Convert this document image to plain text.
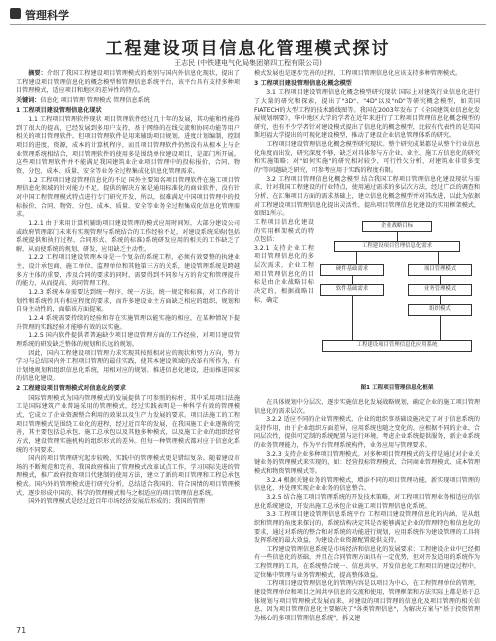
管理科学
工程建设项目信息化管理模式探讨
王志民 (中铁建电气化局集团第四工程有限公司)

摘要：介绍了我国工程建设项目管理模式的类别与国内外信息化现状，提出了工程建设项目管理信息化的概念模型和管理信息系统平台，该平台具有支持多种项目管理模式，适应项目和地区的差异性的特点。

关键词：信息化 项目管理 管理模式 管理信息系统

1 工程项目建设管理信息化现状

1.1 工程项目管理软件现状 项目管理软件经过几十年的发展，其功能和性能得到了很大的提高，已经发展到多用户支持，基于网络的在线交流和协同功能等用户相关的项目管理软件。但项目管理软件是用来辅助项目规划，进度计划编制，控制项目的进度，资源，成本的计算机程序，而且项目管理软件仍然没有从根本上与企业管理系统相结合，项目管理软件的使用多是围绕单位建设项目，是部门所开展。这些项目管理软件并不能满足我国建筑业企业项目管理中的投标报价、合同、物资、分包、成本、质量、安全等业务全过程集成化信息化管理需求。

1.2 工程项目建设管理信息化的不足 国外主要知名项目管理软件在施工项目管理信息化领域的针对能力不足，提供的解决方案是通用标准化的商业软件，没有针对中国工程管理模式特点进行专门研究开发，所以，很难满足中国项目管理中的投标报价、合同、物资、分包、成本、质量、安全等业务全过程集成化信息化管理需求。

1.2.1 由于来用计算机辅助项目建设管理的模式应用时间短，大部分建设公司或政府管理部门未来有实现管理与系统结合的工作经验不足，对建设系统采购(包括系统提供和执行过程、合同形式、系统的标准)系统研发应用的相关的工作缺乏了解，从而使系统的规划、研发、应用缺乏主动性。

1.2.2 工程项目建设管理本身是一个复杂的系统工程，必须有效要整的执建业主、设计承包商、施工单位、监理单位和其他第三方的关系，建设管理系统是跨越多方主体的重要，涉及合同的要求的同时，需要得到不同参与方的肯定和管理提升的能力，从而提高、共同管理工程。

1.2.3 系统本身需要达到统一程序，统一方法、统一规定和标准，对工作的计划性和系统性具有相应程度的要求，而许多建设业主方面缺乏相应的组织、规划和自身主动性的，面临该方面提案。

1.2.4 系统需要持续的经验和存在实施管理以能实施的相应，在某种情况下提升管理的实践经验才能够有效的以实施。

1.2.5 国内软件提供者普遍缺少项目建设管理方面的工作经验，对项目建设管理系统的研发缺乏整体的规划和长远的规划。

因此，国内工程建设项目管理力求实现其按照相对应的现状和努力方向，努力学习与总结国内外工程项目管理的最佳实践，使其本建设领域的改革有所作为，有计划地规划和组织信息化系统，用相对应的规划、推进信息化建设，进而推进国家的信息化建设。

2 工程建设项目管理模式对信息化的要求

国际管理模式为国内管理模式的发展提供了可参照的标杆，其中采用项目法施工是国际建筑产业普遍采用的管理模式，经过实践表明是一种科学有效的管理模式，它成立了企业资源整合利用的效果以及生产力发展的要求。项目法施工的工程项目管理模式是围绕工业化的进程，经过近百年的发展，在我国施工企业逐渐的完善，其主要包括总承包、施工总承包以及其他多种模式，以及施工企业的组织经营方式，建设管理实施机构的组织形式的差异。但每一种管理模式都对应于信息化系统的不同要求。

国内的项目管理研究起步较晚，实践中的管理模式更是错综复杂。随着建设市场的不断规范和完善，我国政府推出了管理模式改革试点工作，学习国际先进的管理模式，推广政府投资项目代建制的使用方法，建立了新的项目管理和工程总承包模式。国内外的管理模式进行研究分析，总结适合我国的、符合国情的项目管理模式，逐步形成中国的、科学的管理模式和与之相适应的项目管理信息系统。

国外的管理模式是经过近百年市场经济发展后形成的；我国的管理

模式发展也是逐步完善的过程，工程项目管理信息化应该支持多种管理模式。

3 工程项目建设管理信息化概念模型

3.1 工程项目建设管理信息化概念模型研究现状 国际上对建筑行业信息化进行了大量的研究和探索，提出了"3D"、"4D"以及"nD"等研究概念模型，如美国FIATECH的大型工程的技术路线图等。我国在2003年发布了《全国建筑业信息化发展规划纲要》，华中地区大学的学者在近年来进行了工程项目管理信息化概念模型的研究，也有不少学者针对建设模式提出了信息化的概念模型，比较有代表性的是美国斯坦福大学提出的可视化建设模型，推动了建设企业信息管理体系的研究。

工程项目建设管理信息化概念模型研究现状。整个研究成果都是从整个行业信息化角度而出发，研究深度不够，缺乏对具体参与方企业、业主、施工方信息化的研究和实施策略；对"如何实施"的研究相对较少，可行性欠分析，对建筑业非常多变的"等问题缺乏研究，可参考应用于实践的程度有限。

3.2 工程项目管理信息化概念模型 结合我国工程项目管理信息化建设现状与需求，针对我国工程建设的行业特点，使用通过需求的多层次方法，经过广泛的调查和分析，在汇集项目方面的需求基础上，建立信息化概念模型并对其改进，以此为依据对工程建设项目管理信息化提出灵活性，提出项目管理信息化建设的实用框架模式，如图1所示。

工程项目信息化建设的实用框架模式的特点包括：

3.2.1 支持企业工程项目管理信息化的多层次需求，企业工程项目管理信息化的目标是由企业战略目标决定的，根据战略目标，确定

企业战略目标
工程建设项目管理信息化需求
硬件基础需求
软件基础需求
项目管理模式
业务管理模式
组织模式
工程建设项目管理信息化应用系统
图1 工程项目管理信息化框架

在具体规划中分层次、逐步实施信息化发展战略规划，确定企业的施工项目管理信息化的需求层次。

3.2.2 适应不同的企业管理模式，企业的组织事基础设施决定了对于信息系统的支持作用，由于企业组织方面差异，应用系统也随之变化的，应根据不同的企业、合同层次性，提供可定制的系统配置与运行环境，考虑企业系统提供服务，新企业系统的业务管理能力，作为平台管理系统构件，业务应用与管理要求。

3.2.3 支持企业多种项目管理模式。对多种项目管理模式的支持是通过对企业关键业务的管理模式来实现的，如：经营投标管理模式、合同商业管理模式、成本管理模式和物资管理模式等。

3.2.4 根据关键业务的管理模式，增添不同的项目管理功能，新实现项目管理的信息化，并处理实现企业业务的信息整合。

3.2.5 结合施工项目管理系统的开发技术策略，对工程项目管理业务相适应的信息化系统建设，开发出施工总承包企业施工项目管理信息化系统。

3.3 工程项目建设管理信息系统平台 工程项目建设管理信息化的内涵，是从组织和管理的角度来探讨的，系统结构决定其是否能够满足企业的管理特色和信息化的要求，通过对系统的整合和对系统的功能进行规划，应用系统作为建设管理的工具将发挥系统的最大效益，为建设企业资源配置提供支持。

工程建设管理信息系统是市场经济和信息化的发展要求；工程建设企业中已经拥有一些信息化的基础，并且在合同管理方面具有一定优势，但对开发适用的系统作为工程管理的工具，在系统整合统一、信息共享，开发信息化工程项目的建设过程中，定位集中管理与业务管理模式，提高整体效益。

工程项目建设管理信息化的管理内容是以项目为中心，在工程管理单位的管理，建设管理单位和项目之间共享信息的交流和使用，管理框架和方法实际上都是基于总体规划与项目管理模式发展而来，对建设的项目管理的信息化及项目管理的相关信息，因为项目管理信息化主要解决了"各类管理信息"，为解决方案与"基于投资管理为核心的多项目管理信息系统"，拆义建

71
